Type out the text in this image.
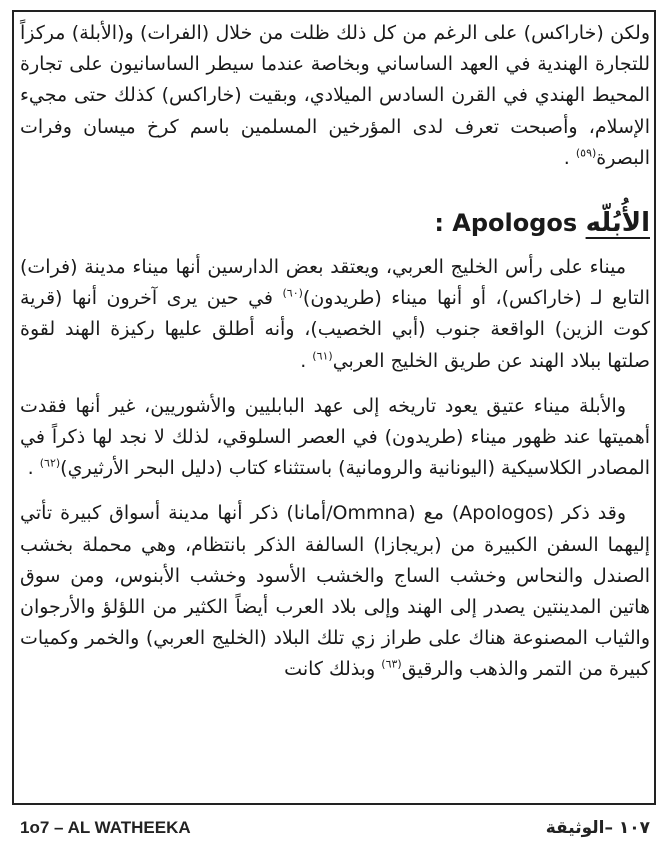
ولكن (خاراكس) على الرغم من كل ذلك ظلت من خلال (الفرات) و(الأبلة) مركزاً للتجارة الهندية في العهد الساساني وبخاصة عندما سيطر الساسانيون على تجارة المحيط الهندي في القرن السادس الميلادي، وبقيت (خاراكس) كذلك حتى مجيء الإسلام، وأصبحت تعرف لدى المؤرخين المسلمين باسم كرخ ميسان وفرات البصرة$^{(٥٩)}$ .

الأُبُلّه : Apologos

ميناء على رأس الخليج العربي، ويعتقد بعض الدارسين أنها ميناء مدينة (فرات) التابع لـ (خاراكس)، أو أنها ميناء (طريدون)$^{(٦٠)}$ في حين يرى آخرون أنها (قرية كوت الزين) الواقعة جنوب (أبي الخصيب)، وأنه أطلق عليها ركيزة الهند لقوة صلتها ببلاد الهند عن طريق الخليج العربي$^{(٦١)}$ .

والأبلة ميناء عتيق يعود تاريخه إلى عهد البابليين والأشوريين، غير أنها فقدت أهميتها عند ظهور ميناء (طريدون) في العصر السلوقي، لذلك لا نجد لها ذكراً في المصادر الكلاسيكية (اليونانية والرومانية) باستثناء كتاب (دليل البحر الأرثيري)$^{(٦٢)}$ .

وقد ذكر (Apologos) مع (Ommna/أمانا) ذكر أنها مدينة أسواق كبيرة تأتي إليهما السفن الكبيرة من (بريجازا) السالفة الذكر بانتظام، وهي محملة بخشب الصندل والنحاس وخشب الساج والخشب الأسود وخشب الأبنوس، ومن سوق هاتين المدينتين يصدر إلى الهند وإلى بلاد العرب أيضاً الكثير من اللؤلؤ والأرجوان والثياب المصنوعة هناك على طراز زي تلك البلاد (الخليج العربي) والخمر وكميات كبيرة من التمر والذهب والرقيق$^{(٦٣)}$ وبذلك كانت

1o7 – AL WATHEEKA	١٠٧ –الوثيقة
